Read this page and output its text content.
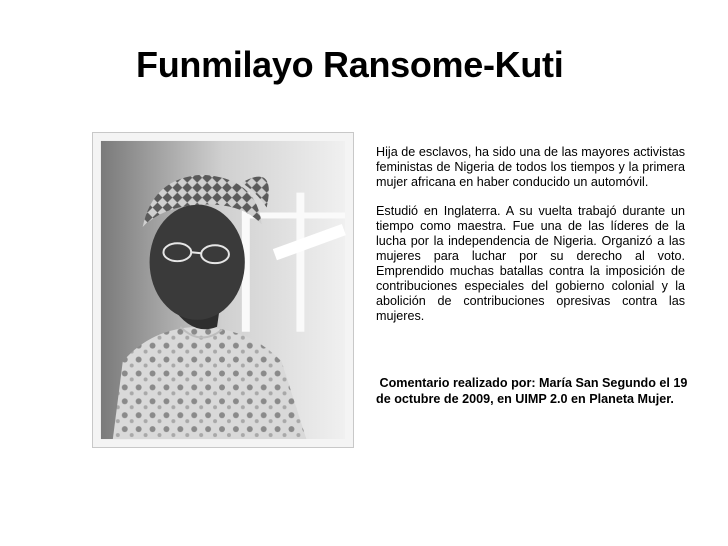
Funmilayo Ransome-Kuti

Hija de esclavos, ha sido una de las mayores activistas feministas de Nigeria de todos los tiempos y la primera mujer africana en haber conducido un automóvil.

Estudió en Inglaterra. A su vuelta trabajó durante un tiempo como maestra. Fue una de las líderes de la lucha por la independencia de Nigeria. Organizó a las mujeres para luchar por su derecho al voto. Emprendido muchas batallas contra la imposición de contribuciones especiales del gobierno colonial y la abolición de contribuciones opresivas contra las mujeres.

Comentario realizado por: María San Segundo el 19 de octubre de 2009, en UIMP 2.0 en Planeta Mujer.
